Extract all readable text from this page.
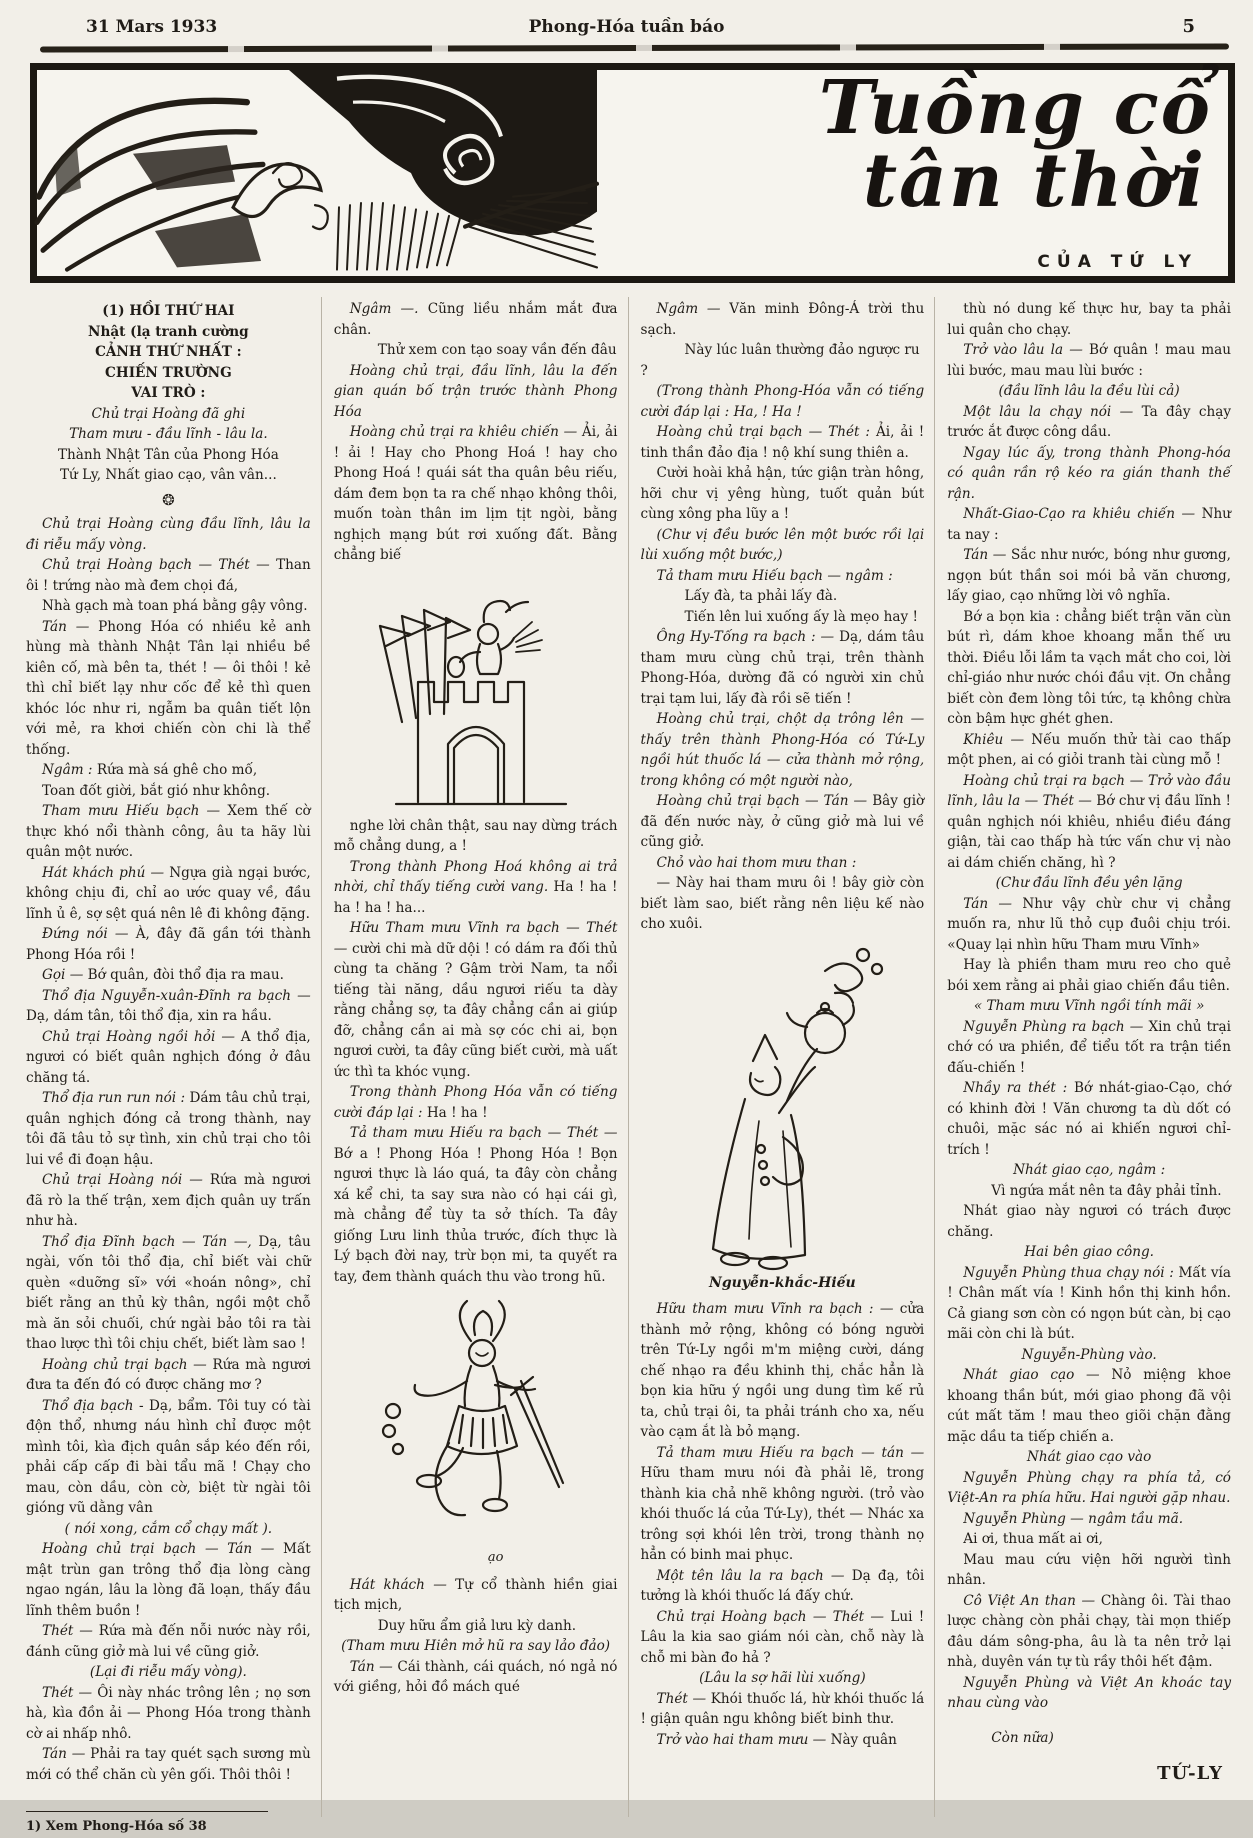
31 Mars 1933	Phong-Hóa tuần báo	5
Tuồng cổ
tân thời
CỦA TỨ LY
(1) HỒI THỨ HAI
Nhật (lạ tranh cường
CẢNH THỨ NHẤT :
CHIẾN TRƯỜNG
VAI TRÒ :
Chủ trại Hoàng đã ghi
Tham mưu - đầu lĩnh - lâu la.
Thành Nhật Tân của Phong Hóa
Tứ Ly, Nhất giao cạo, vân vân...
❂

Chủ trại Hoàng cùng đầu lĩnh, lâu la đi riễu mấy vòng.

Chủ trại Hoàng bạch — Thét — Than ôi ! trứng nào mà đem chọi đá,

Nhà gạch mà toan phá bằng gậy vông.

Tán — Phong Hóa có nhiều kẻ anh hùng mà thành Nhật Tân lại nhiều bề kiên cố, mà bên ta, thét ! — ôi thôi ! kẻ thì chỉ biết lạy như cốc để kẻ thì quen khóc lóc như ri, ngẫm ba quân tiết lộn với mẻ, ra khơi chiến còn chi là thể thống.

Ngâm : Rứa mà sá ghê cho mố,

Toan đốt giời, bắt gió như không.

Tham mưu Hiếu bạch — Xem thế cờ thực khó nổi thành công, âu ta hãy lùi quân một nước.

Hát khách phú — Ngựa già ngại bước, không chịu đi, chỉ ao ước quay về, đầu lĩnh ủ ê, sợ sệt quá nên lê đi không đặng.

Đứng nói — À, đây đã gần tới thành Phong Hóa rồi !

Gọi — Bớ quân, đòi thổ địa ra mau.

Thổ địa Nguyễn-xuân-Đĩnh ra bạch — Dạ, dám tân, tôi thổ địa, xin ra hầu.

Chủ trại Hoàng ngồi hỏi — A thổ địa, ngươi có biết quân nghịch đóng ở đâu chăng tá.

Thổ địa run run nói : Dám tâu chủ trại, quân nghịch đóng cả trong thành, nay tôi đã tâu tỏ sự tình, xin chủ trại cho tôi lui về đi đoạn hậu.

Chủ trại Hoàng nói — Rứa mà ngươi đã rò la thế trận, xem địch quân uy trấn như hà.

Thổ địa Đĩnh bạch — Tán —, Dạ, tâu ngài, vốn tôi thổ địa, chỉ biết vài chữ quèn «duỡng sĩ» với «hoán nông», chỉ biết rằng an thủ kỳ thân, ngồi một chỗ mà ăn sỏi chuối, chứ ngài bảo tôi ra tài thao lược thì tôi chịu chết, biết làm sao !

Hoàng chủ trại bạch — Rứa mà ngươi đưa ta đến đó có được chăng mơ ?

Thổ địa bạch - Dạ, bẩm. Tôi tuy có tài độn thổ, nhưng náu hình chỉ được một mình tôi, kìa địch quân sắp kéo đến rồi, phải cấp cấp đi bài tẩu mã ! Chạy cho mau, còn dầu, còn cờ, biệt từ ngài tôi gióng vũ dằng vân

( nói xong, cắm cổ chạy mất ).

Hoàng chủ trại bạch — Tán — Mất mật trùn gan trông thổ địa lòng càng ngao ngán, lâu la lòng đã loạn, thấy đầu lĩnh thêm buồn !

Thét — Rứa mà đến nỗi nước này rồi, đánh cũng giở mà lui về cũng giở.

(Lại đi riễu mấy vòng).

Thét — Ôi này nhác trông lên ; nọ sơn hà, kìa đồn ải — Phong Hóa trong thành cờ ai nhấp nhô.

Tán — Phải ra tay quét sạch sương mù mới có thể chăn cù yên gối. Thôi thôi !

1) Xem Phong-Hóa số 38

Ngâm —. Cũng liều nhắm mắt đưa chân.

Thử xem con tạo soay vần đến đâu

Hoàng chủ trại, đầu lĩnh, lâu la đến gian quán bố trận trước thành Phong Hóa

Hoàng chủ trại ra khiêu chiến — Ải, ải ! ải ! Hay cho Phong Hoá ! hay cho Phong Hoá ! quái sát tha quân bêu riếu, dám đem bọn ta ra chế nhạo không thôi, muốn toàn thân im lịm tịt ngòi, bằng nghịch mạng bút rơi xuống đất. Bằng chẳng biế

nghe lời chân thật, sau nay dừng trách mỗ chẳng dung, a !

Trong thành Phong Hoá không ai trả nhời, chỉ thấy tiếng cười vang. Ha ! ha ! ha ! ha ! ha...

Hữu Tham mưu Vĩnh ra bạch — Thét — cười chi mà dữ dội ! có dám ra đối thủ cùng ta chăng ? Gậm trời Nam, ta nổi tiếng tài năng, dầu ngươi riếu ta dày rằng chẳng sợ, ta đây chẳng cần ai giúp đỡ, chẳng cần ai mà sợ cóc chi ai, bọn ngươi cười, ta đây cũng biết cười, mà uất ức thì ta khóc vụng.

Trong thành Phong Hóa vẫn có tiếng cười đáp lại : Ha ! ha !

Tả tham mưu Hiếu ra bạch — Thét — Bớ a ! Phong Hóa ! Phong Hóa ! Bọn ngươi thực là láo quá, ta đây còn chẳng xá kể chi, ta say sưa nào có hại cái gì, mà chẳng để tùy ta sở thích. Ta đây giống Lưu linh thủa trước, đích thực là Lý bạch đời nay, trừ bọn mi, ta quyết ra tay, đem thành quách thu vào trong hũ.

ạo

Hát khách — Tự cổ thành hiền giai tịch mịch,

Duy hữu ẩm giả lưu kỳ danh.

(Tham mưu Hiên mở hũ ra say lảo đảo)

Tán — Cái thành, cái quách, nó ngả nó với giềng, hỏi đồ mách qué

Ngâm — Văn minh Đông-Á trời thu sạch.

Này lúc luân thường đảo ngược ru ?

(Trong thành Phong-Hóa vẫn có tiếng cười đáp lại : Ha, ! Ha !

Hoàng chủ trại bạch — Thét : Ải, ải ! tinh thần đảo địa ! nộ khí sung thiên a.

Cười hoài khả hận, tức giận tràn hông, hỡi chư vị yêng hùng, tuốt quản bút cùng xông pha lũy a !

(Chư vị đều bước lên một bước rồi lại lùi xuống một bước,)

Tả tham mưu Hiếu bạch — ngâm :

Lấy đà, ta phải lấy đà.

Tiến lên lui xuống ấy là mẹo hay !

Ông Hy-Tống ra bạch : — Dạ, dám tâu tham mưu cùng chủ trại, trên thành Phong-Hóa, dường đã có người xin chủ trại tạm lui, lấy đà rồi sẽ tiến !

Hoàng chủ trại, chột dạ trông lên — thấy trên thành Phong-Hóa có Tứ-Ly ngồi hút thuốc lá — cửa thành mở rộng, trong không có một người nào,

Hoàng chủ trại bạch — Tán — Bây giờ đã đến nước này, ở cũng giở mà lui về cũng giở.

Chỏ vào hai thom mưu than :

— Này hai tham mưu ôi ! bây giờ còn biết làm sao, biết rằng nên liệu kế nào cho xuôi.

Nguyễn-khắc-Hiếu

Hữu tham mưu Vĩnh ra bạch : — cửa thành mở rộng, không có bóng người trên Tứ-Ly ngồi m'm miệng cười, dáng chế nhạo ra đều khinh thị, chắc hẳn là bọn kia hữu ý ngồi ung dung tìm kế rủ ta, chủ trại ôi, ta phải tránh cho xa, nếu vào cạm ắt là bỏ mạng.

Tả tham mưu Hiếu ra bạch — tán — Hữu tham mưu nói đà phải lẽ, trong thành kia chả nhẽ không người. (trỏ vào khói thuốc lá của Tứ-Ly), thét — Nhác xa trông sợi khói lên trời, trong thành nọ hẳn có binh mai phục.

Một tên lâu la ra bạch — Dạ đạ, tôi tưởng là khói thuốc lá đấy chứ.

Chủ trại Hoàng bạch — Thét — Lui ! Lâu la kia sao giám nói càn, chỗ này là chỗ mi bàn đo hả ?

(Lâu la sợ hãi lùi xuống)

Thét — Khói thuốc lá, hừ khói thuốc lá ! giận quân ngu không biết binh thư.

Trở vào hai tham mưu — Này quân

thù nó dung kế thực hư, bay ta phải lui quân cho chạy.

Trở vào lâu la — Bớ quân ! mau mau lùi bước, mau mau lùi bước :

(đầu lĩnh lâu la đều lùi cả)

Một lâu la chạy nói — Ta đây chạy trước ắt được công dầu.

Ngay lúc ấy, trong thành Phong-hóa có quân rần rộ kéo ra gián thanh thế rận.

Nhất-Giao-Cạo ra khiêu chiến — Như ta nay :

Tán — Sắc như nước, bóng như gương, ngọn bút thần soi mói bả văn chương, lấy giao, cạo những lời vô nghĩa.

Bớ a bọn kia : chẳng biết trận văn cùn bút rì, dám khoe khoang mẫn thế ưu thời. Điều lỗi lầm ta vạch mắt cho coi, lời chỉ-giáo như nước chói đầu vịt. Ơn chẳng biết còn đem lòng tôi tức, tạ không chừa còn bậm hực ghét ghen.

Khiêu — Nếu muốn thử tài cao thấp một phen, ai có giỏi tranh tài cùng mỗ !

Hoàng chủ trại ra bạch — Trở vào đầu lĩnh, lâu la — Thét — Bớ chư vị đầu lĩnh ! quân nghịch nói khiêu, nhiều điều đáng giận, tài cao thấp hà tức vấn chư vị nào ai dám chiến chăng, hì ?

(Chư đầu lĩnh đều yên lặng

Tán — Như vậy chừ chư vị chẳng muốn ra, như lũ thỏ cụp đuôi chịu trói. «Quay lại nhìn hữu Tham mưu Vĩnh»

Hay là phiền tham mưu reo cho quẻ bói xem rằng ai phải giao chiến đầu tiên.

« Tham mưu Vĩnh ngồi tính mãi »

Nguyễn Phùng ra bạch — Xin chủ trại chớ có ưa phiền, để tiểu tốt ra trận tiền đấu-chiến !

Nhầy ra thét : Bớ nhát-giao-Cạo, chớ có khinh đời ! Văn chương ta dù dốt có chuôi, mặc sác nó ai khiến ngươi chỉ-trích !

Nhát giao cạo, ngâm :

Vì ngứa mắt nên ta đây phải tỉnh.

Nhát giao này ngươi có trách được chăng.

Hai bên giao công.

Nguyễn Phùng thua chạy nói : Mất vía ! Chân mất vía ! Kinh hồn thị kinh hồn. Cả giang sơn còn có ngọn bút càn, bị cạo mãi còn chi là bút.

Nguyễn-Phùng vào.

Nhát giao cạo — Nỏ miệng khoe khoang thần bút, mới giao phong đã vội cút mất tăm ! mau theo giõi chặn đằng mặc dầu ta tiếp chiến a.

Nhát giao cạo vào

Nguyễn Phùng chạy ra phía tả, có Việt-An ra phía hữu. Hai người gặp nhau.

Nguyễn Phùng — ngâm tầu mã.

Ai ơi, thua mất ai ơi,

Mau mau cứu viện hỡi người tình nhân.

Cô Việt An than — Chàng ôi. Tài thao lược chàng còn phải chạy, tài mọn thiếp đâu dám sông-pha, âu là ta nên trở lại nhà, duyên ván tự tù rầy thôi hết đậm.

Nguyễn Phùng và Việt An khoác tay nhau cùng vào

Còn nữa)

TỨ-LY
